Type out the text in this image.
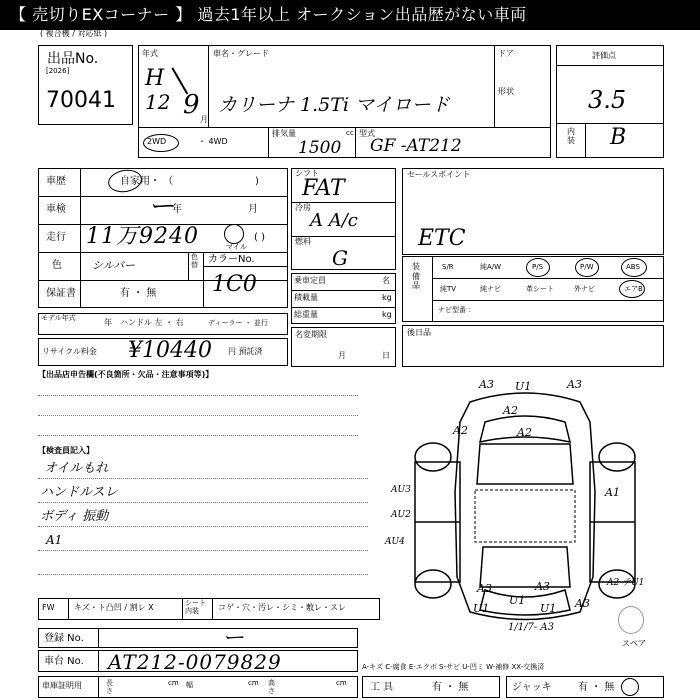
【 売切りEXコーナー 】 過去1年以上 オークション出品歴がない車両
( 複合機 / 対応紙 )
出品No.
[2026]
70041
年式
H
12 9 月
車名・グレード
カリーナ 1.5Ti マイロード
ドア
形状
2WD	・ 4WD
排気量	cc
1500
型式
GF -AT212
評価点
3.5
内装 B
車歴	自家用・ （	)
車検	ー
年	月
走行 11万9240	マイル
( )
色	シルバー
色替	カラーNo.
1C0
保証書	有 ・ 無
モデル年式	年 ハンドル 左 ・ 右	ディーラー ・ 並行
リサイクル料金 ¥10440 円 預託済
シフト
FAT
冷房
A A/c
燃料
G
乗車定員
積載量
総重量
名
kg
kg
名変期限
月	日
セールスポイント
ETC
装備品
S/R	純A/W	P/S	P/W	ABS
純TV	純ナビ	革シート	外ナビ	エアB
ナビ型番 ：
後日品
【出品店申告欄(不良箇所・欠品・注意事項等)】
【検査員記入】
オイルもれ
ハンドルスレ
ボディ 振動
A1
A3 U1	A3
A2
A2	A2
AU3
AU2
AU4
A1
A3
U1
A3	A2 テU1
U1
U1	A3
1/1/7- A3
スペア
FW キズ・ト凸凹 / 割レ X	シート内装	コゲ・穴・汚レ・シミ・敷レ・スレ
登録 No.	ー
車台 No. AT212-0079829
車庫証明用	長さ
cm 幅	cm 高さ
cm
A-キズ C-腐食 E-エクボ S-サビ U-凹ミ W-補修 XX-交換済
工 具	有 ・ 無	ジャッキ	有 ・ 無
